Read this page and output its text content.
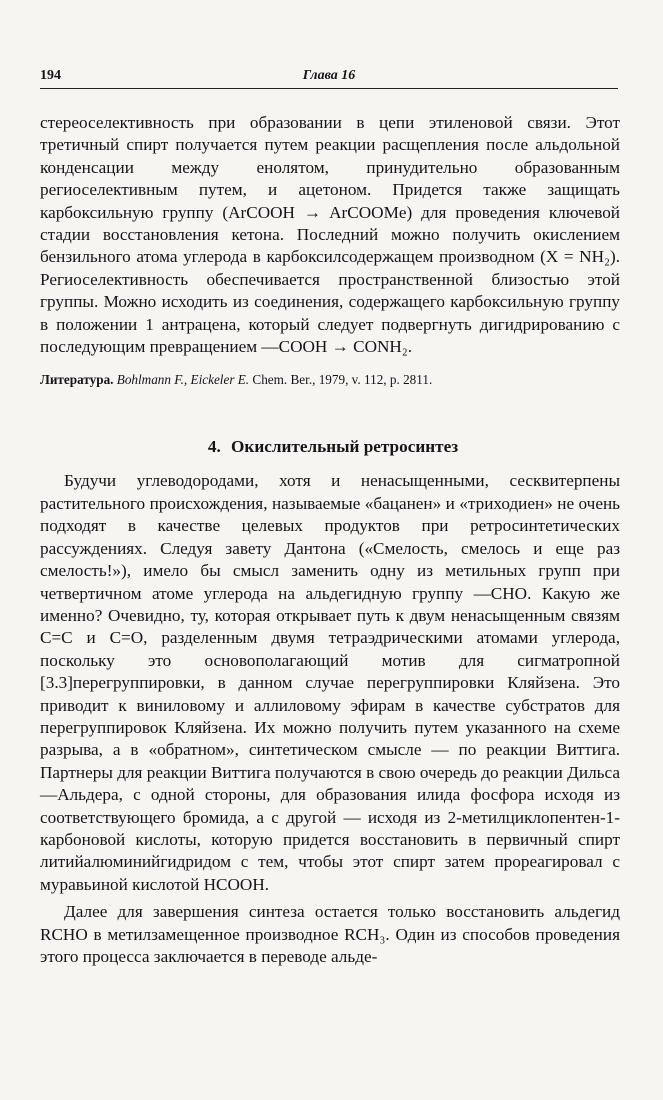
194	Глава 16

стереоселективность при образовании в цепи этиленовой связи. Этот третичный спирт получается путем реакции расщепления после альдольной конденсации между енолятом, принудительно образованным региоселективным путем, и ацетоном. Придется также защищать карбоксильную группу (ArCOOH → ArCOOMe) для проведения ключевой стадии восстановления кетона. Последний можно получить окислением бензильного атома углерода в карбоксилсодержащем производном (X = NH₂). Региоселективность обеспечивается пространственной близостью этой группы. Можно исходить из соединения, содержащего карбоксильную группу в положении 1 антрацена, который следует подвергнуть дигидрированию с последующим превращением —COOH → CONH₂.

Литература. Bohlmann F., Eickeler E. Chem. Ber., 1979, v. 112, p. 2811.

4. Окислительный ретросинтез

Будучи углеводородами, хотя и ненасыщенными, сесквитерпены растительного происхождения, называемые «бацанен» и «триходиен» не очень подходят в качестве целевых продуктов при ретросинтетических рассуждениях. Следуя завету Дантона («Смелость, смелось и еще раз смелость!»), имело бы смысл заменить одну из метильных групп при четвертичном атоме углерода на альдегидную группу —CHO. Какую же именно? Очевидно, ту, которая открывает путь к двум ненасыщенным связям C=C и C=O, разделенным двумя тетраэдрическими атомами углерода, поскольку это основополагающий мотив для сигматропной [3.3]перегруппировки, в данном случае перегруппировки Кляйзена. Это приводит к виниловому и аллиловому эфирам в качестве субстратов для перегруппировок Кляйзена. Их можно получить путем указанного на схеме разрыва, а в «обратном», синтетическом смысле — по реакции Виттига. Партнеры для реакции Виттига получаются в свою очередь до реакции Дильса—Альдера, с одной стороны, для образования илида фосфора исходя из соответствующего бромида, а с другой — исходя из 2-метилциклопентен-1-карбоновой кислоты, которую придется восстановить в первичный спирт литийалюминийгидридом с тем, чтобы этот спирт затем прореагировал с муравьиной кислотой HCOOH.

Далее для завершения синтеза остается только восстановить альдегид RCHO в метилзамещенное производное RCH₃. Один из способов проведения этого процесса заключается в переводе альде-
